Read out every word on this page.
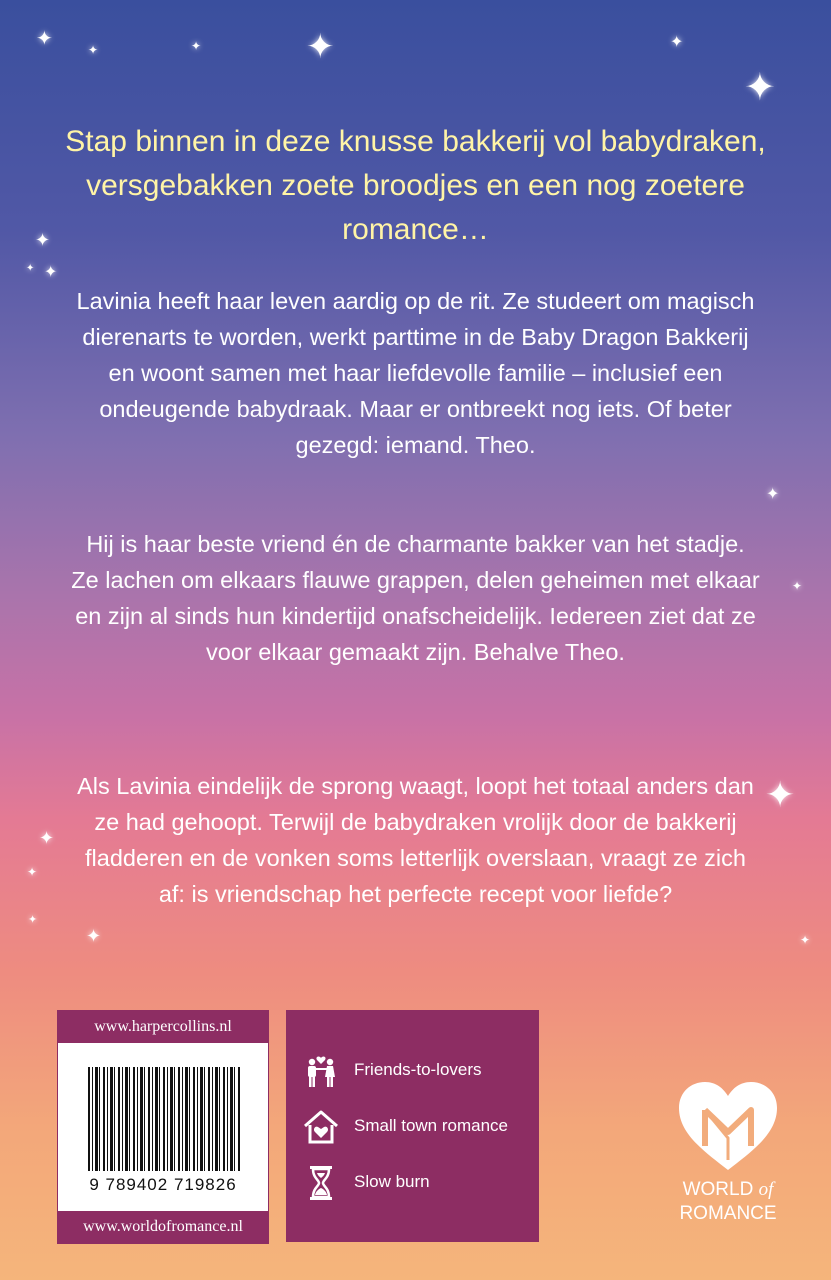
✦	✦	✦	✦	✦
✦
✦
✦ ✦
✦
✦
✦
✦
✦
✦
✦	✦
Stap binnen in deze knusse bakkerij vol babydraken, versgebakken zoete broodjes en een nog zoetere romance…
Lavinia heeft haar leven aardig op de rit. Ze studeert om magisch dierenarts te worden, werkt parttime in de Baby Dragon Bakkerij en woont samen met haar liefdevolle familie – inclusief een ondeugende babydraak. Maar er ontbreekt nog iets. Of beter gezegd: iemand. Theo.
Hij is haar beste vriend én de charmante bakker van het stadje. Ze lachen om elkaars flauwe grappen, delen geheimen met elkaar en zijn al sinds hun kindertijd onafscheidelijk. Iedereen ziet dat ze voor elkaar gemaakt zijn. Behalve Theo.
Als Lavinia eindelijk de sprong waagt, loopt het totaal anders dan ze had gehoopt. Terwijl de babydraken vrolijk door de bakkerij fladderen en de vonken soms letterlijk overslaan, vraagt ze zich af: is vriendschap het perfecte recept voor liefde?
www.harpercollins.nl
9 789402 719826
www.worldofromance.nl
Friends-to-lovers
Small town romance
Slow burn	WORLD of
ROMANCE
